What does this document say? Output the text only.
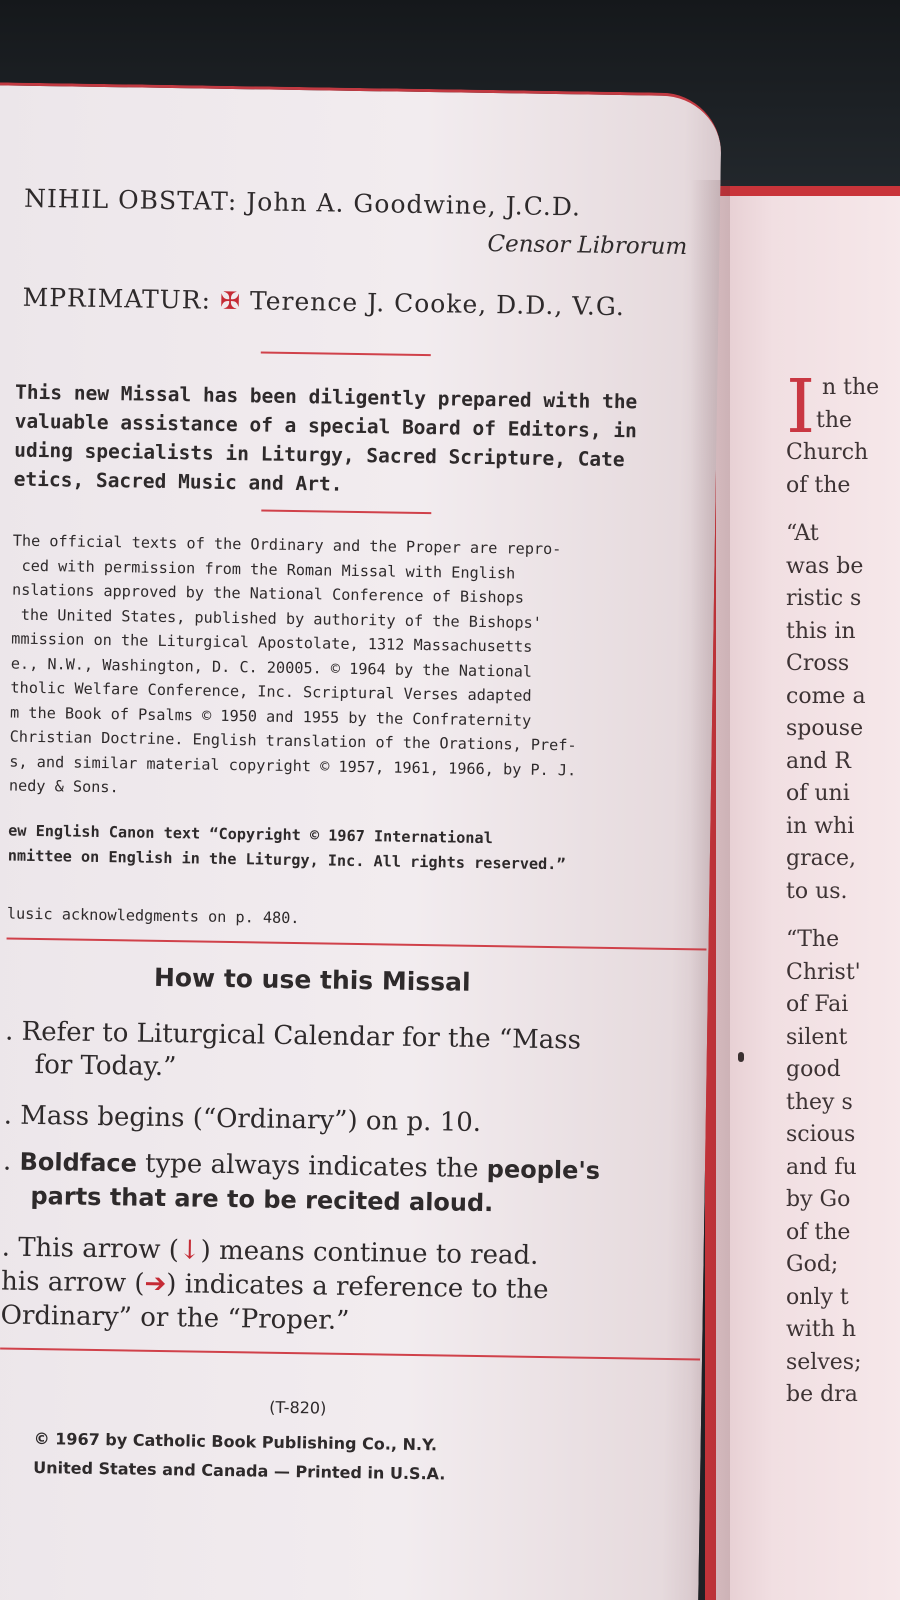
I n the
the
Church
of the
“At
was be
ristic s
this in
Cross
come a
spouse
and R
of uni
in whi
grace,
to us.
“The
Christ'
of Fai
silent
good
they s
scious
and fu
by Go
of the
God;
only t
with h
selves;
be dra
NIHIL OBSTAT: John A. Goodwine, J.C.D.
Censor Librorum
MPRIMATUR: ✠ Terence J. Cooke, D.D., V.G.
This new Missal has been diligently prepared with the
valuable assistance of a special Board of Editors, in
uding specialists in Liturgy, Sacred Scripture, Cate
etics, Sacred Music and Art.
The official texts of the Ordinary and the Proper are repro-
ced with permission from the Roman Missal with English
nslations approved by the National Conference of Bishops
the United States, published by authority of the Bishops'
mmission on the Liturgical Apostolate, 1312 Massachusetts
e., N.W., Washington, D. C. 20005. © 1964 by the National
tholic Welfare Conference, Inc. Scriptural Verses adapted
m the Book of Psalms © 1950 and 1955 by the Confraternity
Christian Doctrine. English translation of the Orations, Pref-
s, and similar material copyright © 1957, 1961, 1966, by P. J.
nedy & Sons.
ew English Canon text “Copyright © 1967 International
nmittee on English in the Liturgy, Inc. All rights reserved.”
lusic acknowledgments on p. 480.
How to use this Missal
. Refer to Liturgical Calendar for the “Mass
for Today.”
. Mass begins (“Ordinary”) on p. 10.
. Boldface type always indicates the people's
parts that are to be recited aloud.
. This arrow (↓) means continue to read.
his arrow (➔) indicates a reference to the
Ordinary” or the “Proper.”
(T-820)
© 1967 by Catholic Book Publishing Co., N.Y.
United States and Canada — Printed in U.S.A.
